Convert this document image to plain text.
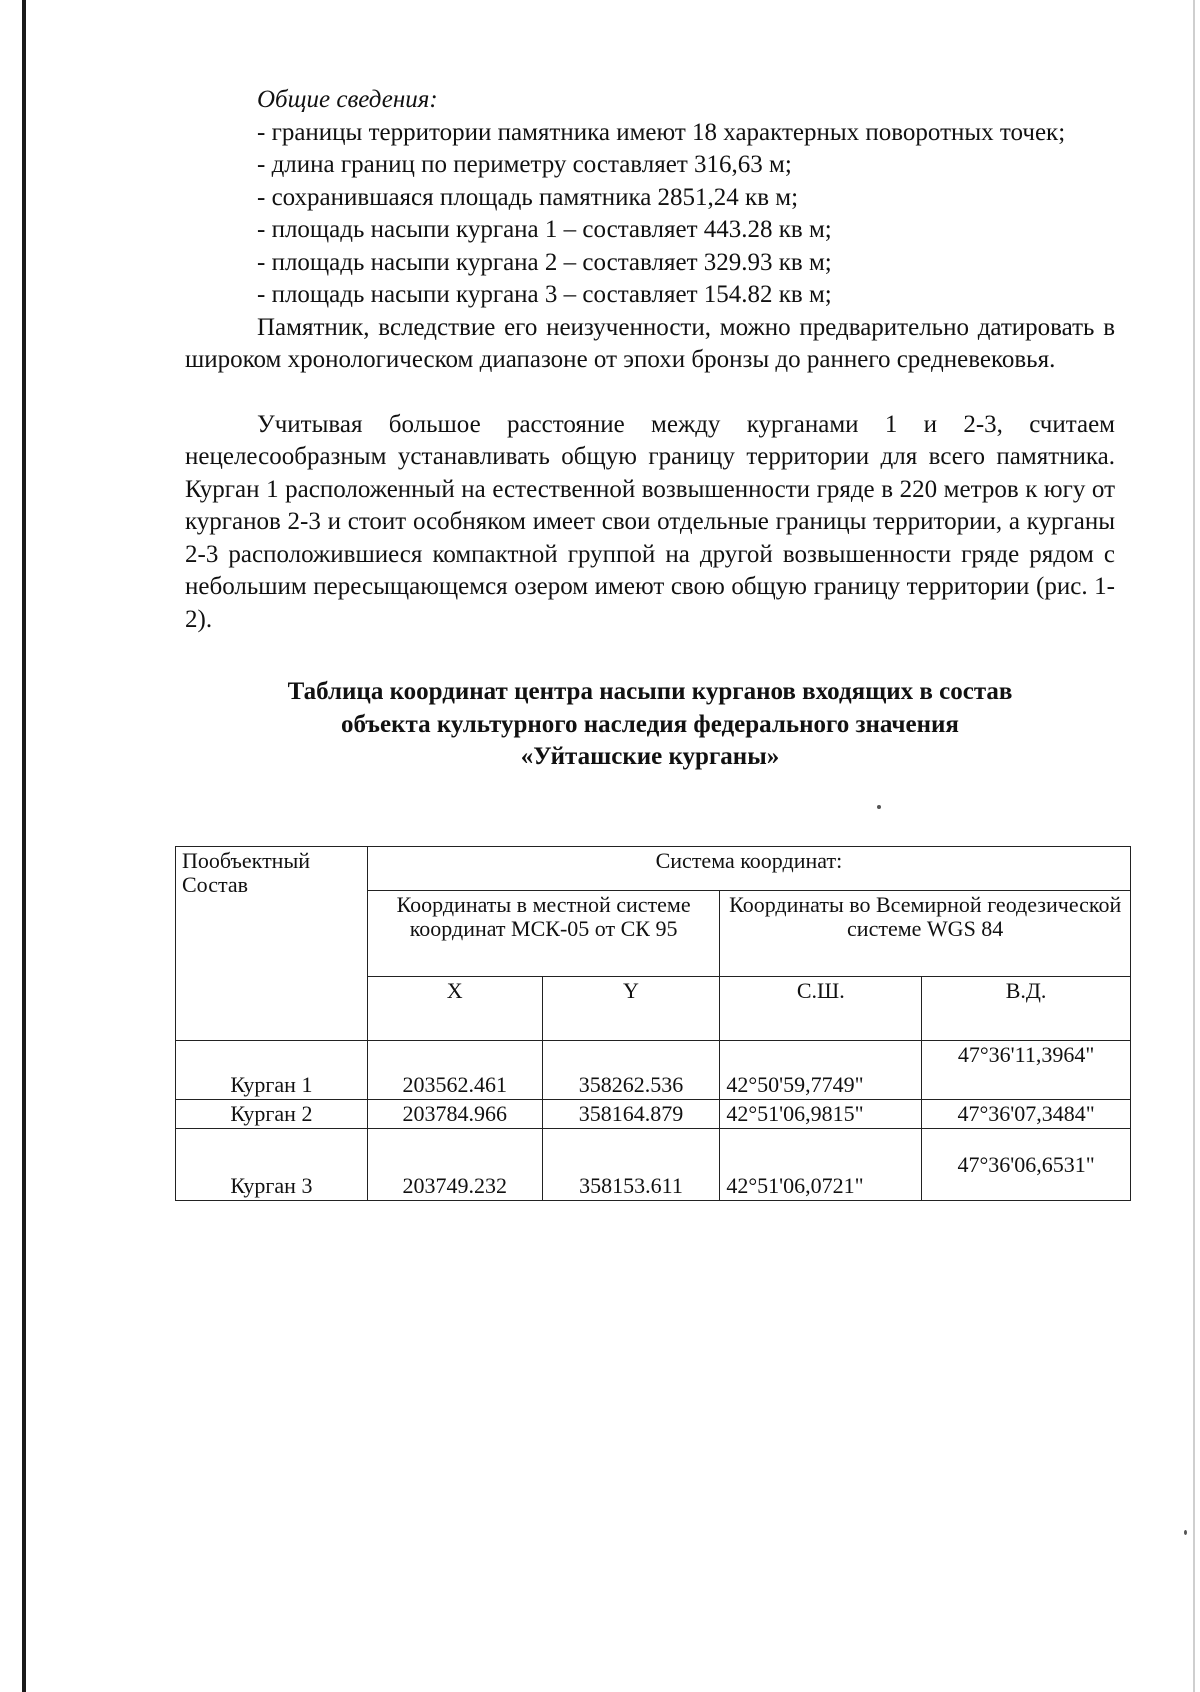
Общие сведения:

- границы территории памятника имеют 18 характерных поворотных точек;

- длина границ по периметру составляет 316,63 м;
- сохранившаяся площадь памятника 2851,24 кв м;
- площадь насыпи кургана 1 – составляет 443.28 кв м;
- площадь насыпи кургана 2 – составляет 329.93 кв м;
- площадь насыпи кургана 3 – составляет 154.82 кв м;

Памятник, вследствие его неизученности, можно предварительно датировать в широком хронологическом диапазоне от эпохи бронзы до раннего средневековья.

Учитывая большое расстояние между курганами 1 и 2-3, считаем нецелесообразным устанавливать общую границу территории для всего памятника. Курган 1 расположенный на естественной возвышенности гряде в 220 метров к югу от курганов 2-3 и стоит особняком имеет свои отдельные границы территории, а курганы 2-3 расположившиеся компактной группой на другой возвышенности гряде рядом с небольшим пересыщающемся озером имеют свою общую границу территории (рис. 1-2).

Таблица координат центра насыпи курганов входящих в состав
объекта культурного наследия федерального значения
«Уйташские курганы»
Пообъектный Состав	Система координат:			
	Координаты в местной системе координат МСК-05 от СК 95		Координаты во Всемирной геодезической системе WGS 84	
	X	Y	С.Ш.	В.Д.
Курган 1	203562.461	358262.536	42°50'59,7749"	47°36'11,3964"
Курган 2	203784.966	358164.879	42°51'06,9815"	47°36'07,3484"
Курган 3	203749.232	358153.611	42°51'06,0721"	47°36'06,6531"
